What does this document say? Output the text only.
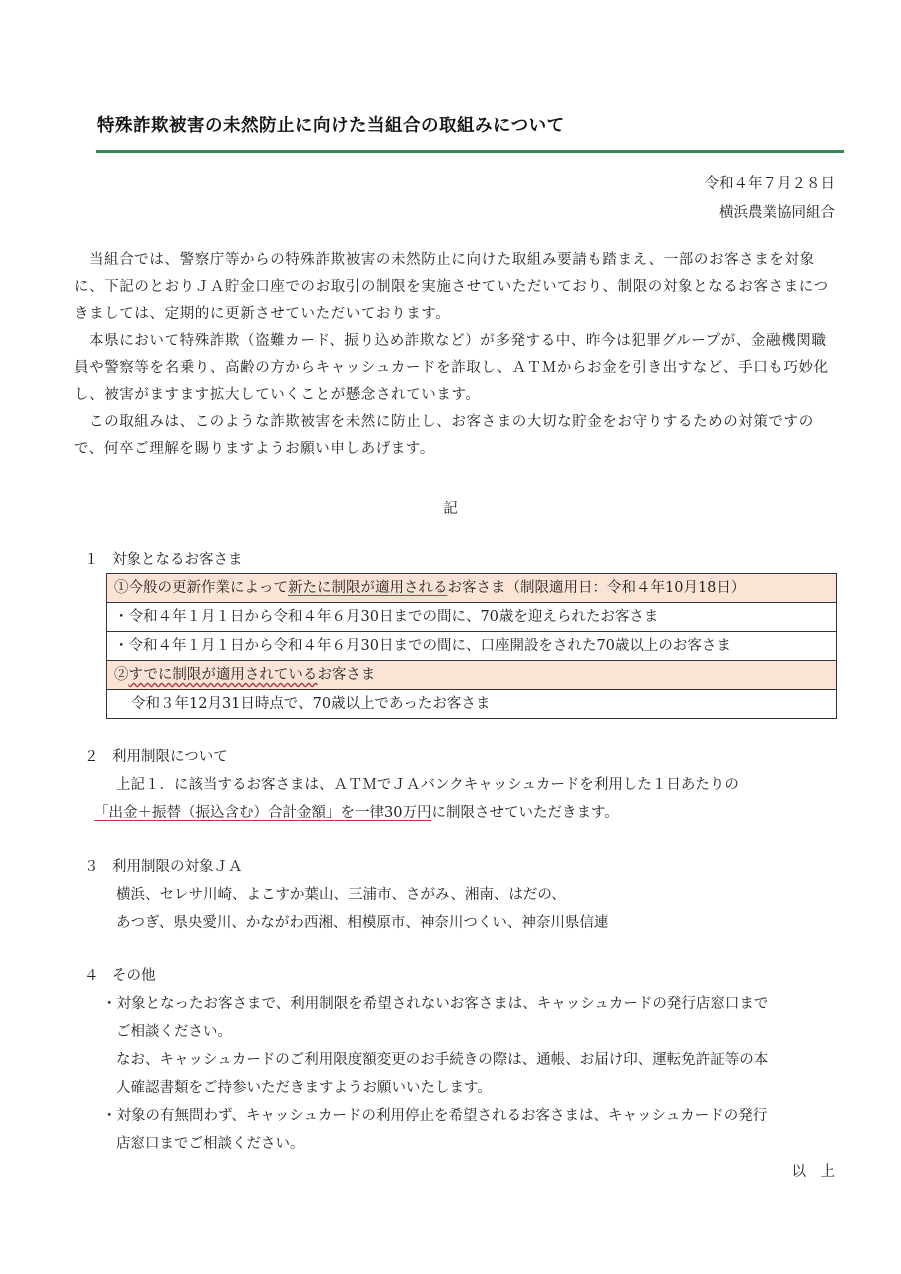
特殊詐欺被害の未然防止に向けた当組合の取組みについて
令和４年７月２８日
横浜農業協同組合

当組合では、警察庁等からの特殊詐欺被害の未然防止に向けた取組み要請も踏まえ、一部のお客さまを対象に、下記のとおりＪＡ貯金口座でのお取引の制限を実施させていただいており、制限の対象となるお客さまにつきましては、定期的に更新させていただいております。

本県において特殊詐欺（盗難カード、振り込め詐欺など）が多発する中、昨今は犯罪グループが、金融機関職員や警察等を名乗り、高齢の方からキャッシュカードを詐取し、ＡＴＭからお金を引き出すなど、手口も巧妙化し、被害がますます拡大していくことが懸念されています。

この取組みは、このような詐欺被害を未然に防止し、お客さまの大切な貯金をお守りするための対策ですので、何卒ご理解を賜りますようお願い申しあげます。

記
１ 対象となるお客さま
①今般の更新作業によって新たに制限が適用されるお客さま（制限適用日：令和４年10月18日）
・令和４年１月１日から令和４年６月30日までの間に、70歳を迎えられたお客さま
・令和４年１月１日から令和４年６月30日までの間に、口座開設をされた70歳以上のお客さま
②すでに制限が適用されているお客さま
令和３年12月31日時点で、70歳以上であったお客さま
２ 利用制限について
上記１．に該当するお客さまは、ＡＴＭでＪＡバンクキャッシュカードを利用した１日あたりの
「出金＋振替（振込含む）合計金額」を一律30万円に制限させていただきます。
３ 利用制限の対象ＪＡ
横浜、セレサ川崎、よこすか葉山、三浦市、さがみ、湘南、はだの、
あつぎ、県央愛川、かながわ西湘、相模原市、神奈川つくい、神奈川県信連
４ その他
・対象となったお客さまで、利用制限を希望されないお客さまは、キャッシュカードの発行店窓口まで
ご相談ください。
なお、キャッシュカードのご利用限度額変更のお手続きの際は、通帳、お届け印、運転免許証等の本
人確認書類をご持参いただきますようお願いいたします。
・対象の有無問わず、キャッシュカードの利用停止を希望されるお客さまは、キャッシュカードの発行
店窓口までご相談ください。
以　上
